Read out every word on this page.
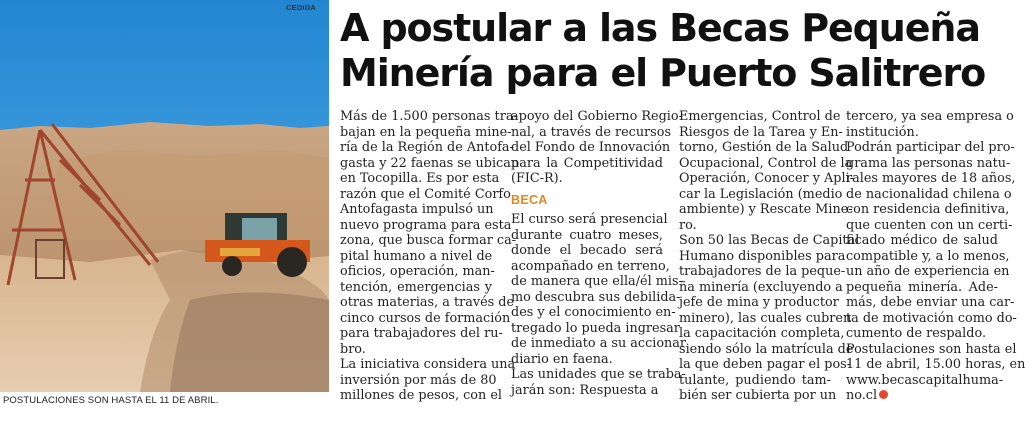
CEDIDA
POSTULACIONES SON HASTA EL 11 DE ABRIL.
A postular a las Becas Pequeña
Minería para el Puerto Salitrero

Más de 1.500 personas tra-
bajan en la pequeña mine-
ría de la Región de Antofa-
gasta y 22 faenas se ubican
en Tocopilla. Es por esta
razón que el Comité Corfo
Antofagasta impulsó un
nuevo programa para esta
zona, que busca formar ca-
pital humano a nivel de
oficios, operación, man-
tención, emergencias y
otras materias, a través de
cinco cursos de formación
para trabajadores del ru-
bro.

La iniciativa considera una
inversión por más de 80
millones de pesos, con el

apoyo del Gobierno Regio-
nal, a través de recursos
del Fondo de Innovación
para la Competitividad
(FIC-R).

BECA

El curso será presencial
durante cuatro meses,
donde el becado será
acompañado en terreno,
de manera que ella/él mis-
mo descubra sus debilida-
des y el conocimiento en-
tregado lo pueda ingresar
de inmediato a su accionar
diario en faena.

Las unidades que se traba-
jarán son: Respuesta a

Emergencias, Control de
Riesgos de la Tarea y En-
torno, Gestión de la Salud
Ocupacional, Control de la
Operación, Conocer y Apli-
car la Legislación (medio
ambiente) y Rescate Mine-
ro.

Son 50 las Becas de Capital
Humano disponibles para
trabajadores de la peque-
ña minería (excluyendo a
jefe de mina y productor
minero), las cuales cubren
la capacitación completa,
siendo sólo la matrícula de
la que deben pagar el pos-
tulante, pudiendo tam-
bién ser cubierta por un

tercero, ya sea empresa o
institución.

Podrán participar del pro-
grama las personas natu-
rales mayores de 18 años,
de nacionalidad chilena o
con residencia definitiva,
que cuenten con un certi-
ficado médico de salud
compatible y, a lo menos,
un año de experiencia en
pequeña minería. Ade-
más, debe enviar una car-
ta de motivación como do-
cumento de respaldo.

Postulaciones son hasta el
11 de abril, 15.00 horas, en
www.becascapitalhuma-
no.cl
